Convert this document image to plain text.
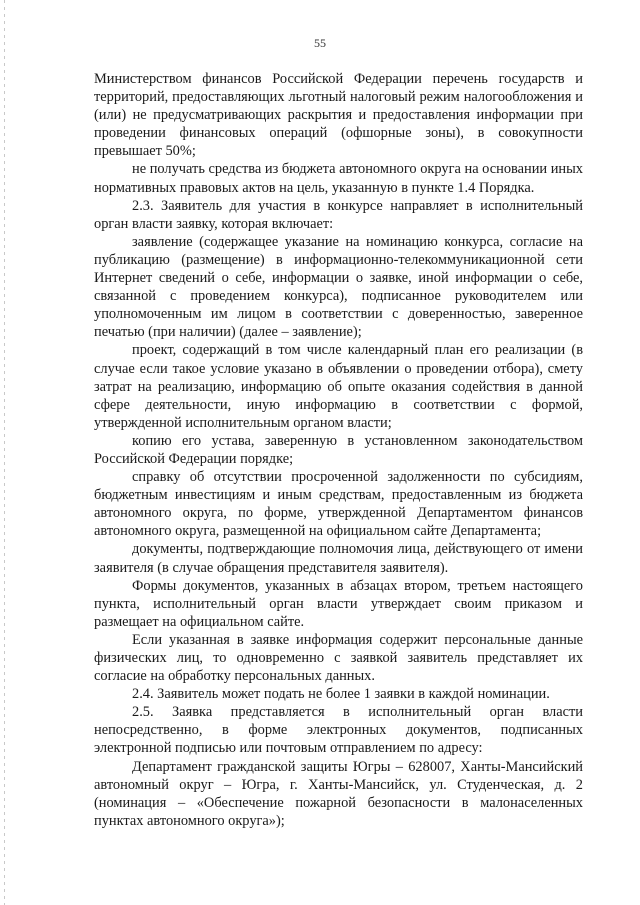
55

Министерством финансов Российской Федерации перечень государств и территорий, предоставляющих льготный налоговый режим налогообложения и (или) не предусматривающих раскрытия и предоставления информации при проведении финансовых операций (офшорные зоны), в совокупности превышает 50%;

не получать средства из бюджета автономного округа на основании иных нормативных правовых актов на цель, указанную в пункте 1.4 Порядка.

2.3. Заявитель для участия в конкурсе направляет в исполнительный орган власти заявку, которая включает:

заявление (содержащее указание на номинацию конкурса, согласие на публикацию (размещение) в информационно-телекоммуникационной сети Интернет сведений о себе, информации о заявке, иной информации о себе, связанной с проведением конкурса), подписанное руководителем или уполномоченным им лицом в соответствии с доверенностью, заверенное печатью (при наличии) (далее – заявление);

проект, содержащий в том числе календарный план его реализации (в случае если такое условие указано в объявлении о проведении отбора), смету затрат на реализацию, информацию об опыте оказания содействия в данной сфере деятельности, иную информацию в соответствии с формой, утвержденной исполнительным органом власти;

копию его устава, заверенную в установленном законодательством Российской Федерации порядке;

справку об отсутствии просроченной задолженности по субсидиям, бюджетным инвестициям и иным средствам, предоставленным из бюджета автономного округа, по форме, утвержденной Департаментом финансов автономного округа, размещенной на официальном сайте Департамента;

документы, подтверждающие полномочия лица, действующего от имени заявителя (в случае обращения представителя заявителя).

Формы документов, указанных в абзацах втором, третьем настоящего пункта, исполнительный орган власти утверждает своим приказом и размещает на официальном сайте.

Если указанная в заявке информация содержит персональные данные физических лиц, то одновременно с заявкой заявитель представляет их согласие на обработку персональных данных.

2.4. Заявитель может подать не более 1 заявки в каждой номинации.

2.5. Заявка представляется в исполнительный орган власти непосредственно, в форме электронных документов, подписанных электронной подписью или почтовым отправлением по адресу:

Департамент гражданской защиты Югры – 628007, Ханты-Мансийский автономный округ – Югра, г. Ханты-Мансийск, ул. Студенческая, д. 2 (номинация – «Обеспечение пожарной безопасности в малонаселенных пунктах автономного округа»);
